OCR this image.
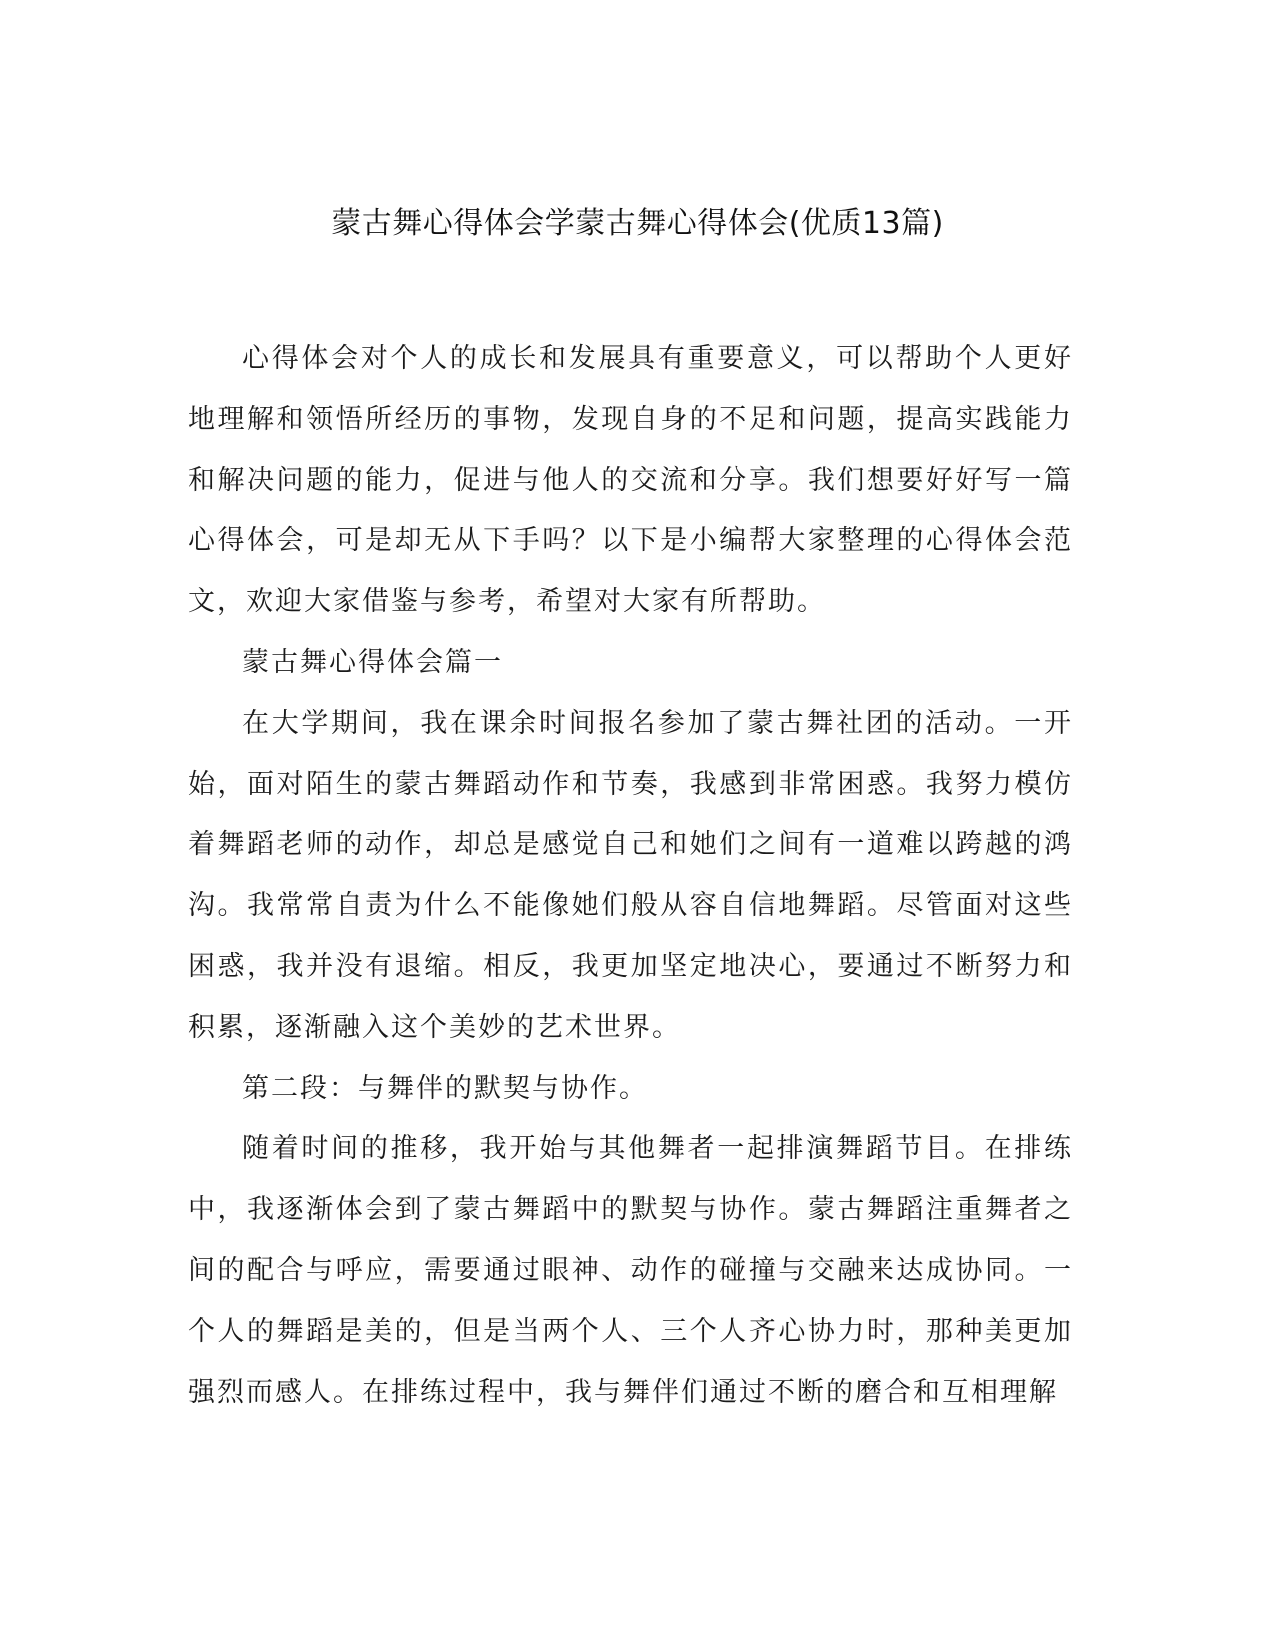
蒙古舞心得体会学蒙古舞心得体会(优质13篇)

心得体会对个人的成长和发展具有重要意义，可以帮助个人更好地理解和领悟所经历的事物，发现自身的不足和问题，提高实践能力和解决问题的能力，促进与他人的交流和分享。我们想要好好写一篇心得体会，可是却无从下手吗？以下是小编帮大家整理的心得体会范文，欢迎大家借鉴与参考，希望对大家有所帮助。

蒙古舞心得体会篇一

在大学期间，我在课余时间报名参加了蒙古舞社团的活动。一开始，面对陌生的蒙古舞蹈动作和节奏，我感到非常困惑。我努力模仿着舞蹈老师的动作，却总是感觉自己和她们之间有一道难以跨越的鸿沟。我常常自责为什么不能像她们般从容自信地舞蹈。尽管面对这些困惑，我并没有退缩。相反，我更加坚定地决心，要通过不断努力和积累，逐渐融入这个美妙的艺术世界。

第二段：与舞伴的默契与协作。

随着时间的推移，我开始与其他舞者一起排演舞蹈节目。在排练中，我逐渐体会到了蒙古舞蹈中的默契与协作。蒙古舞蹈注重舞者之间的配合与呼应，需要通过眼神、动作的碰撞与交融来达成协同。一个人的舞蹈是美的，但是当两个人、三个人齐心协力时，那种美更加强烈而感人。在排练过程中，我与舞伴们通过不断的磨合和互相理解
